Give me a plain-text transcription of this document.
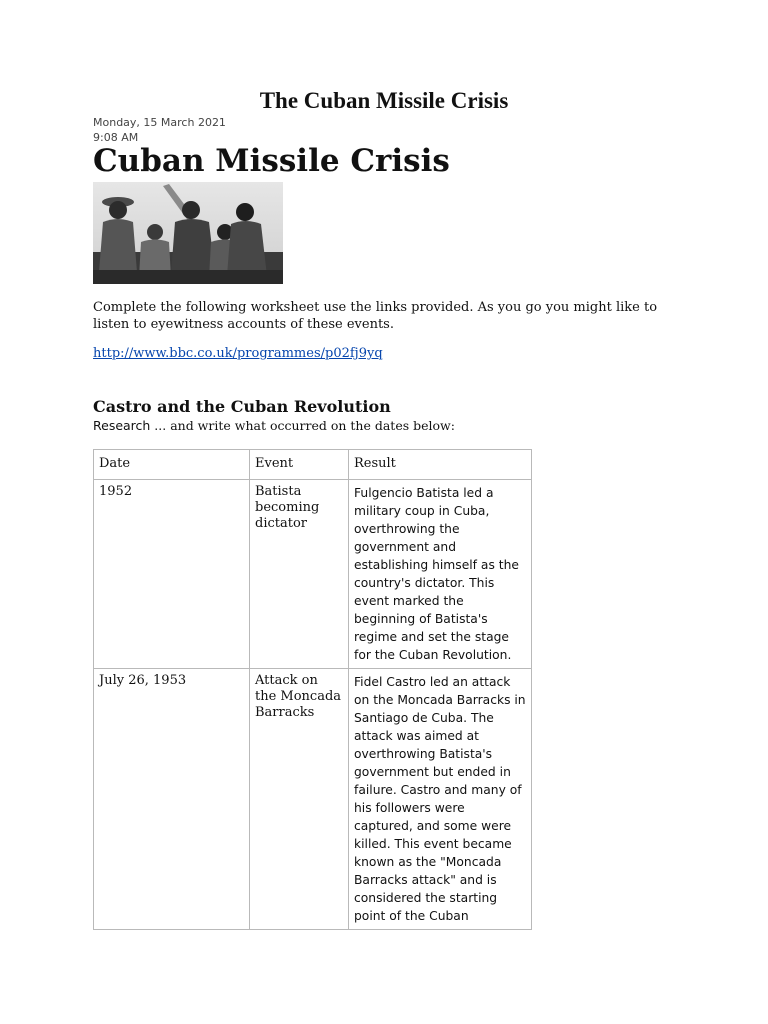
The Cuban Missile Crisis
Monday, 15 March 2021
9:08 AM
Cuban Missile Crisis

Complete the following worksheet use the links provided. As you go you might like to listen to eyewitness accounts of these events.

http://www.bbc.co.uk/programmes/p02fj9yq
Castro and the Cuban Revolution
Research ... and write what occurred on the dates below:
Date	Event	Result
1952	Batista becoming dictator	Fulgencio Batista led a military coup in Cuba, overthrowing the government and establishing himself as the country's dictator. This event marked the beginning of Batista's regime and set the stage for the Cuban Revolution.
July 26, 1953	Attack on the Moncada Barracks	Fidel Castro led an attack on the Moncada Barracks in Santiago de Cuba. The attack was aimed at overthrowing Batista's government but ended in failure. Castro and many of his followers were captured, and some were killed. This event became known as the "Moncada Barracks attack" and is considered the starting point of the Cuban
